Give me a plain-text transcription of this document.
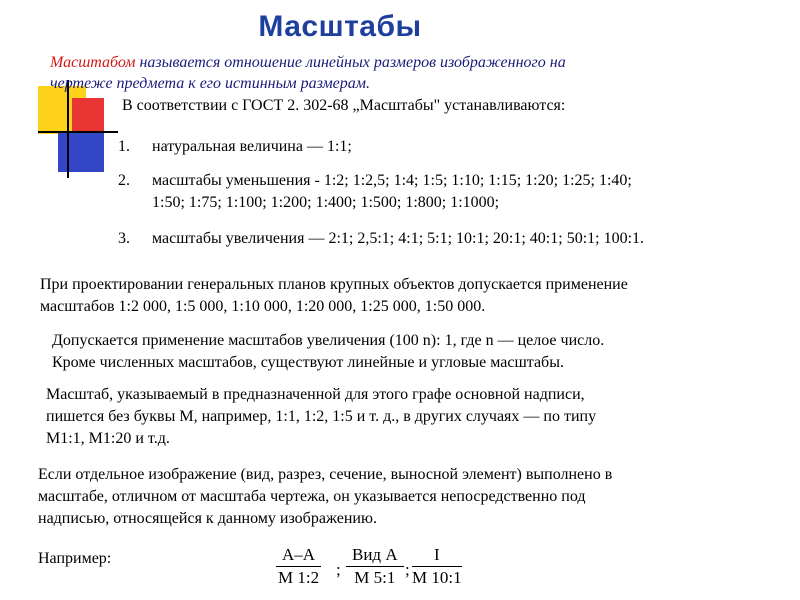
Масштабы
Масштабом называется отношение линейных размеров изображенного на
чертеже предмета к его истинным размерам.
В соответствии с ГОСТ 2. 302-68 „Масштабы" устанавливаются:
1. натуральная величина — 1:1;
2. масштабы уменьшения - 1:2; 1:2,5; 1:4; 1:5; 1:10; 1:15; 1:20; 1:25; 1:40;
1:50; 1:75; 1:100; 1:200; 1:400; 1:500; 1:800; 1:1000;
3. масштабы увеличения — 2:1; 2,5:1; 4:1; 5:1; 10:1; 20:1; 40:1; 50:1; 100:1.
При проектировании генеральных планов крупных объектов допускается применение
масштабов 1:2 000, 1:5 000, 1:10 000, 1:20 000, 1:25 000, 1:50 000.
Допускается применение масштабов увеличения (100 n): 1, где n — целое число.
Кроме численных масштабов, существуют линейные и угловые масштабы.
Масштаб, указываемый в предназначенной для этого графе основной надписи,
пишется без буквы М, например, 1:1, 1:2, 1:5 и т. д., в других случаях — по типу
М1:1, М1:20 и т.д.
Если отдельное изображение (вид, разрез, сечение, выносной элемент) выполнено в
масштабе, отличном от масштаба чертежа, он указывается непосредственно под
надписью, относящейся к данному изображению.
Например:	А–А
М 1:2 ;
Вид А
М 5:1 ;
I
М 10:1
